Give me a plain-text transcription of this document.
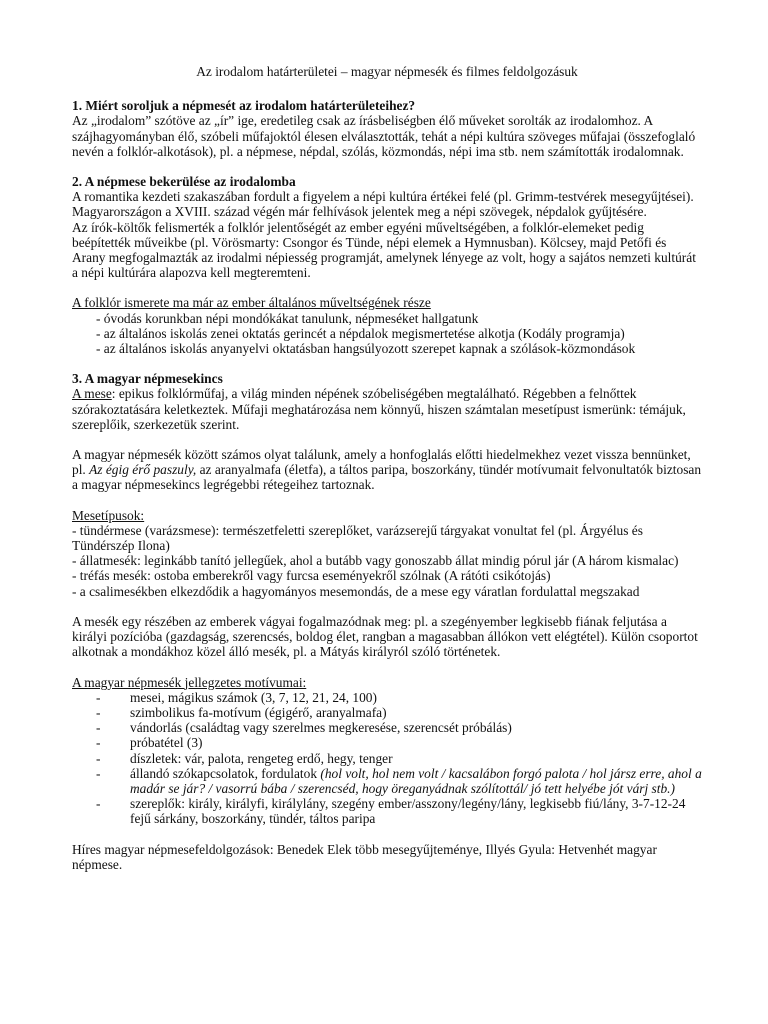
Az irodalom határterületei – magyar népmesék és filmes feldolgozásuk

1. Miért soroljuk a népmesét az irodalom határterületeihez?

Az „irodalom” szótöve az „ír” ige, eredetileg csak az írásbeliségben élő műveket sorolták az irodalomhoz. A szájhagyományban élő, szóbeli műfajoktól élesen elválasztották, tehát a népi kultúra szöveges műfajai (összefoglaló nevén a folklór-alkotások), pl. a népmese, népdal, szólás, közmondás, népi ima stb. nem számították irodalomnak.

2. A népmese bekerülése az irodalomba

A romantika kezdeti szakaszában fordult a figyelem a népi kultúra értékei felé (pl. Grimm-testvérek mesegyűjtései). Magyarországon a XVIII. század végén már felhívások jelentek meg a népi szövegek, népdalok gyűjtésére.

Az írók-költők felismerték a folklór jelentőségét az ember egyéni műveltségében, a folklór-elemeket pedig beépítették műveikbe (pl. Vörösmarty: Csongor és Tünde, népi elemek a Hymnusban). Kölcsey, majd Petőfi és Arany megfogalmazták az irodalmi népiesség programját, amelynek lényege az volt, hogy a sajátos nemzeti kultúrát a népi kultúrára alapozva kell megteremteni.

A folklór ismerete ma már az ember általános műveltségének része

- óvodás korunkban népi mondókákat tanulunk, népmeséket hallgatunk
- az általános iskolás zenei oktatás gerincét a népdalok megismertetése alkotja (Kodály programja)
- az általános iskolás anyanyelvi oktatásban hangsúlyozott szerepet kapnak a szólások-közmondások

3. A magyar népmesekincs

A mese: epikus folklórműfaj, a világ minden népének szóbeliségében megtalálható. Régebben a felnőttek szórakoztatására keletkeztek. Műfaji meghatározása nem könnyű, hiszen számtalan mesetípust ismerünk: témájuk, szereplőik, szerkezetük szerint.

A magyar népmesék között számos olyat találunk, amely a honfoglalás előtti hiedelmekhez vezet vissza bennünket, pl. Az égig érő paszuly, az aranyalmafa (életfa), a táltos paripa, boszorkány, tündér motívumait felvonultatók biztosan a magyar népmesekincs legrégebbi rétegeihez tartoznak.

Mesetípusok:

- tündérmese (varázsmese): természetfeletti szereplőket, varázserejű tárgyakat vonultat fel (pl. Árgyélus és Tündérszép Ilona)

- állatmesék: leginkább tanító jellegűek, ahol a butább vagy gonoszabb állat mindig pórul jár (A három kismalac)

- tréfás mesék: ostoba emberekről vagy furcsa eseményekről szólnak (A rátóti csikótojás)

- a csalimesékben elkezdődik a hagyományos mesemondás, de a mese egy váratlan fordulattal megszakad

A mesék egy részében az emberek vágyai fogalmazódnak meg: pl. a szegényember legkisebb fiának feljutása a királyi pozícióba (gazdagság, szerencsés, boldog élet, rangban a magasabban állókon vett elégtétel). Külön csoportot alkotnak a mondákhoz közel álló mesék, pl. a Mátyás királyról szóló történetek.

A magyar népmesék jellegzetes motívumai:

- mesei, mágikus számok (3, 7, 12, 21, 24, 100)
- szimbolikus fa-motívum (égigérő, aranyalmafa)
- vándorlás (családtag vagy szerelmes megkeresése, szerencsét próbálás)
- próbatétel (3)
- díszletek: vár, palota, rengeteg erdő, hegy, tenger
- állandó szókapcsolatok, fordulatok (hol volt, hol nem volt / kacsalábon forgó palota / hol jársz erre, ahol a madár se jár? / vasorrú bába / szerencséd, hogy öreganyádnak szólítottál/ jó tett helyébe jót várj stb.)
- szereplők: király, királyfi, királylány, szegény ember/asszony/legény/lány, legkisebb fiú/lány, 3-7-12-24 fejű sárkány, boszorkány, tündér, táltos paripa

Híres magyar népmesefeldolgozások: Benedek Elek több mesegyűjteménye, Illyés Gyula: Hetvenhét magyar népmese.
